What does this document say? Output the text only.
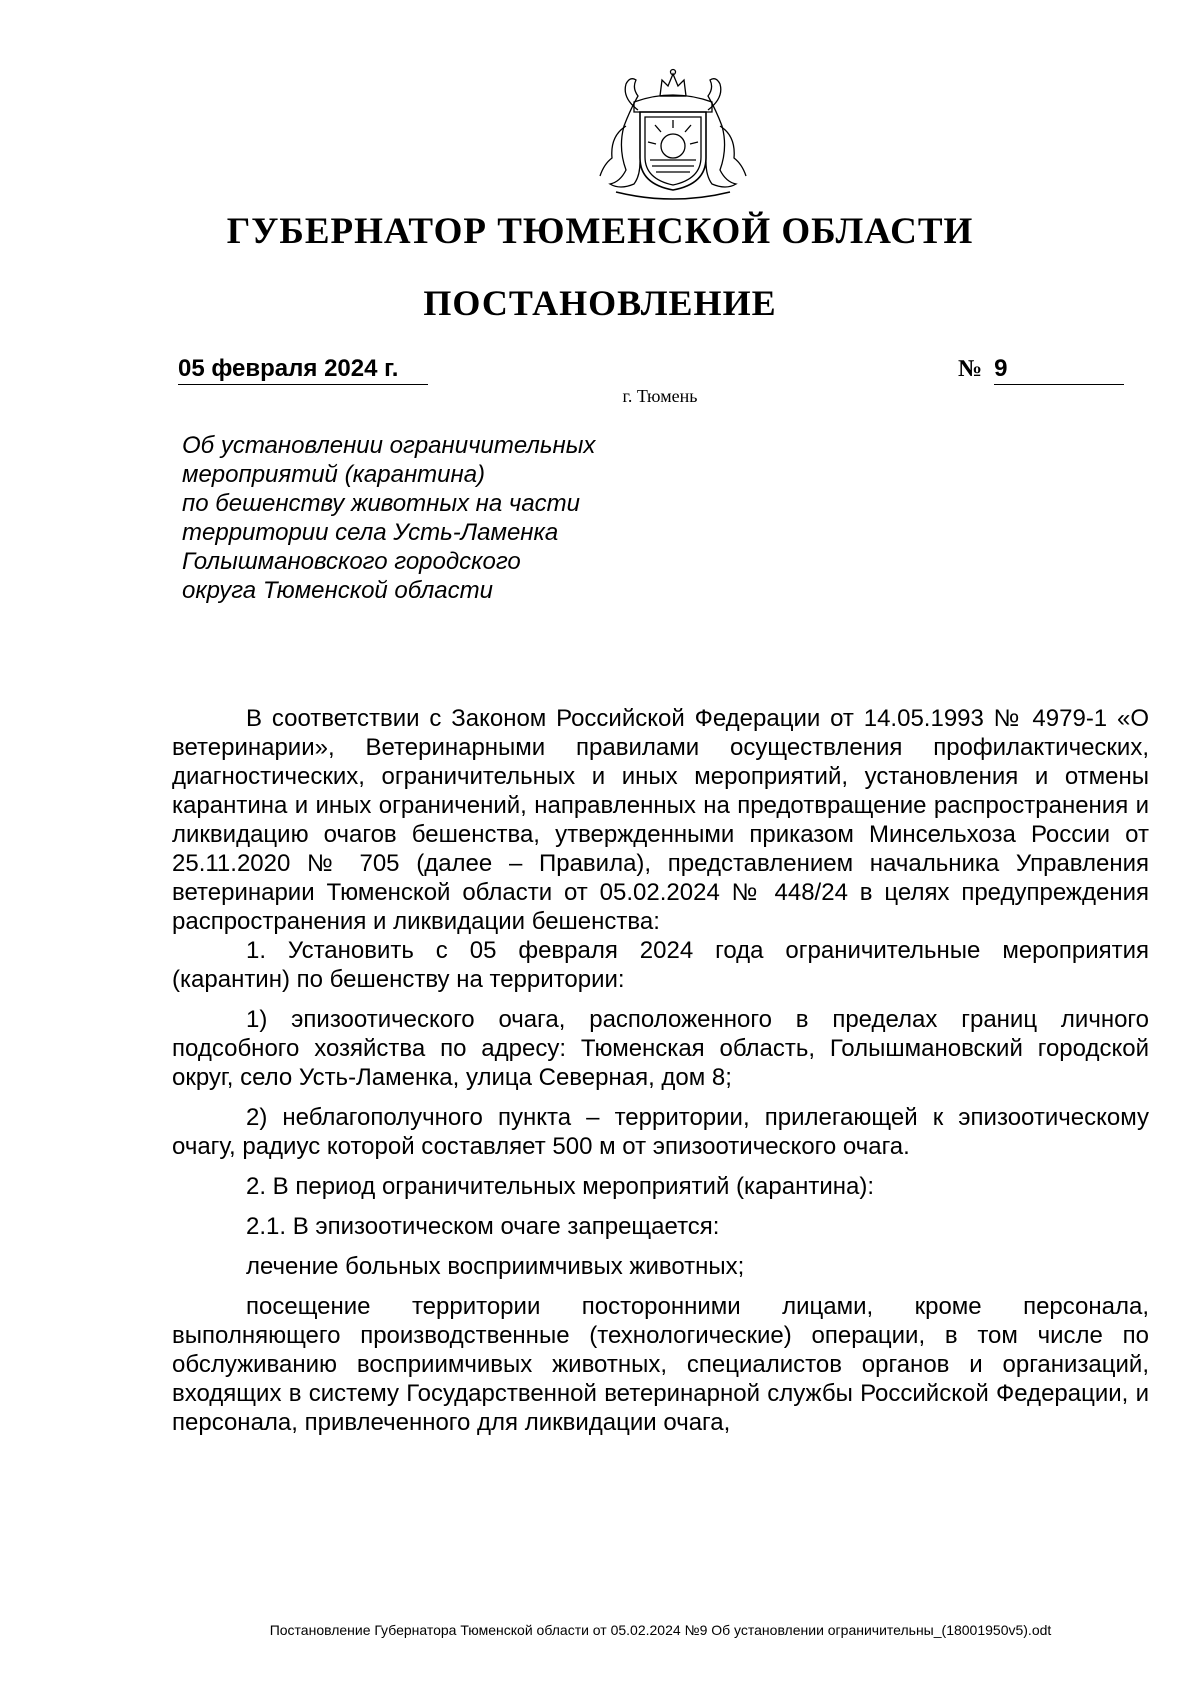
ГУБЕРНАТОР ТЮМЕНСКОЙ ОБЛАСТИ
ПОСТАНОВЛЕНИЕ
05 февраля 2024 г.	№ 9
г. Тюмень
Об установлении ограничительных
мероприятий (карантина)
по бешенству животных на части
территории села Усть-Ламенка
Голышмановского городского
округа Тюменской области

В соответствии с Законом Российской Федерации от 14.05.1993 № 4979-1 «О ветеринарии», Ветеринарными правилами осуществления профилактических, диагностических, ограничительных и иных мероприятий, установления и отмены карантина и иных ограничений, направленных на предотвращение распространения и ликвидацию очагов бешенства, утвержденными приказом Минсельхоза России от 25.11.2020 № 705 (далее – Правила), представлением начальника Управления ветеринарии Тюменской области от 05.02.2024 № 448/24 в целях предупреждения распространения и ликвидации бешенства:

1. Установить с 05 февраля 2024 года ограничительные мероприятия (карантин) по бешенству на территории:

1) эпизоотического очага, расположенного в пределах границ личного подсобного хозяйства по адресу: Тюменская область, Голышмановский городской округ, село Усть-Ламенка, улица Северная, дом 8;

2) неблагополучного пункта – территории, прилегающей к эпизоотическому очагу, радиус которой составляет 500 м от эпизоотического очага.

2. В период ограничительных мероприятий (карантина):

2.1. В эпизоотическом очаге запрещается:

лечение больных восприимчивых животных;

посещение территории посторонними лицами, кроме персонала, выполняющего производственные (технологические) операции, в том числе по обслуживанию восприимчивых животных, специалистов органов и организаций, входящих в систему Государственной ветеринарной службы Российской Федерации, и персонала, привлеченного для ликвидации очага,

Постановление Губернатора Тюменской области от 05.02.2024 №9 Об установлении ограничительны_(18001950v5).odt
